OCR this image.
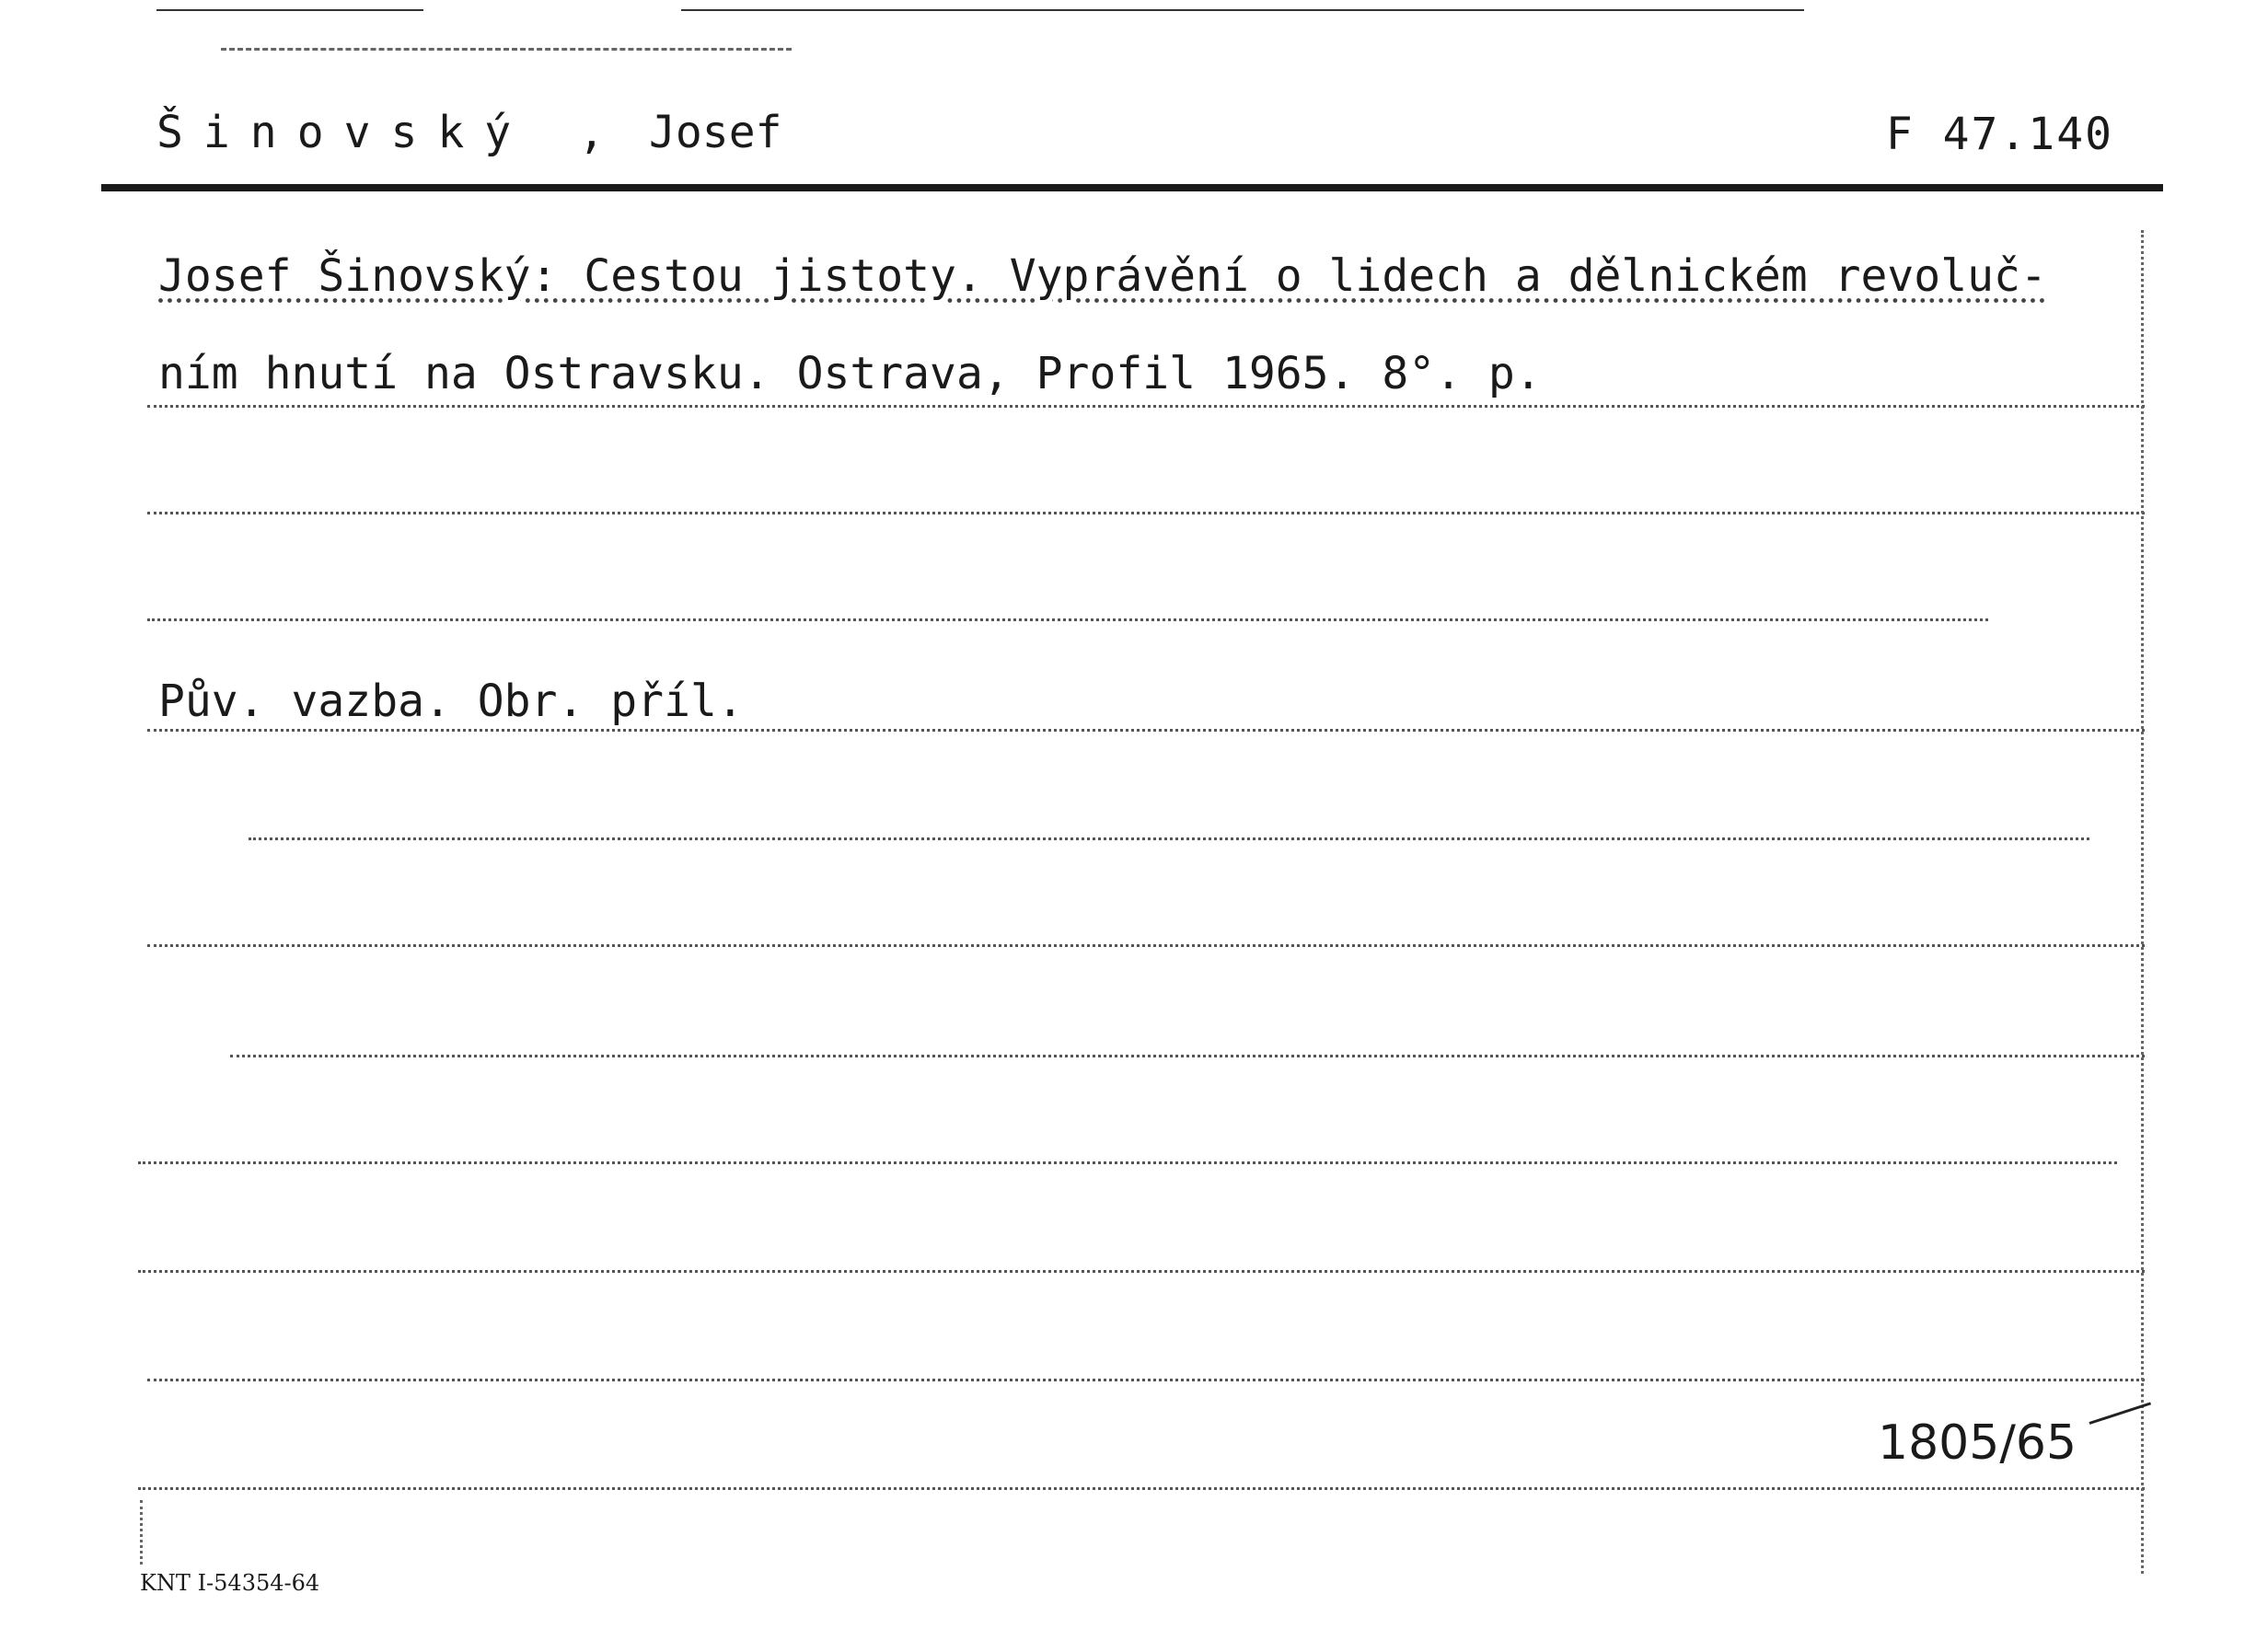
Šinovský , Josef	F 47.140
Josef Šinovský: Cestou jistoty. Vyprávění o lidech a dělnickém revoluč-
ním hnutí na Ostravsku. Ostrava, Profil 1965. 8°. p.
Pův. vazba. Obr. příl.
1805/65
KNT I-54354-64
